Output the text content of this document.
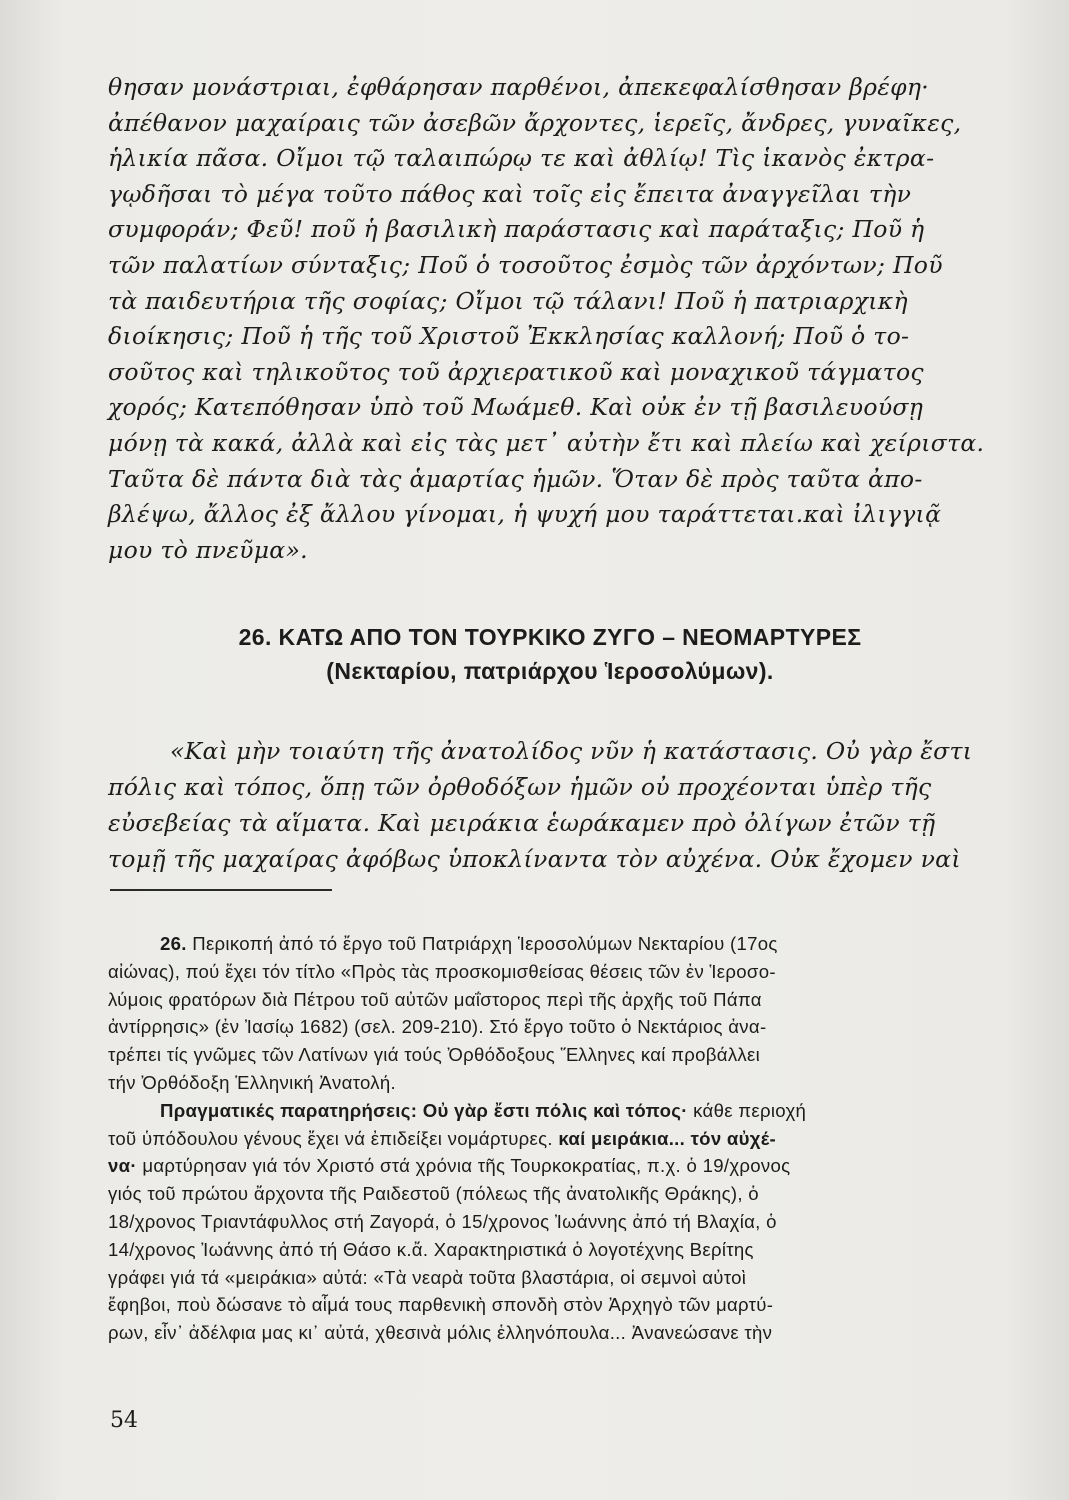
θησαν μονάστριαι, ἐφθάρησαν παρθένοι, ἀπεκεφαλίσθησαν βρέφη·
ἀπέθανον μαχαίραις τῶν ἀσεβῶν ἄρχοντες, ἱερεῖς, ἄνδρες, γυναῖκες,
ἡλικία πᾶσα. Οἴμοι τῷ ταλαιπώρῳ τε καὶ ἀθλίῳ! Τὶς ἱκανὸς ἐκτρα-
γῳδῆσαι τὸ μέγα τοῦτο πάθος καὶ τοῖς εἰς ἔπειτα ἀναγγεῖλαι τὴν
συμφοράν; Φεῦ! ποῦ ἡ βασιλικὴ παράστασις καὶ παράταξις; Ποῦ ἡ
τῶν παλατίων σύνταξις; Ποῦ ὁ τοσοῦτος ἐσμὸς τῶν ἀρχόντων; Ποῦ
τὰ παιδευτήρια τῆς σοφίας; Οἴμοι τῷ τάλανι! Ποῦ ἡ πατριαρχικὴ
διοίκησις; Ποῦ ἡ τῆς τοῦ Χριστοῦ Ἐκκλησίας καλλονή; Ποῦ ὁ το-
σοῦτος καὶ τηλικοῦτος τοῦ ἀρχιερατικοῦ καὶ μοναχικοῦ τάγματος
χορός; Κατεπόθησαν ὑπὸ τοῦ Μωάμεθ. Καὶ οὐκ ἐν τῇ βασιλευούσῃ
μόνῃ τὰ κακά, ἀλλὰ καὶ εἰς τὰς μετ᾽ αὐτὴν ἔτι καὶ πλείω καὶ χείριστα.
Ταῦτα δὲ πάντα διὰ τὰς ἁμαρτίας ἡμῶν. Ὅταν δὲ πρὸς ταῦτα ἀπο-
βλέψω, ἄλλος ἐξ ἄλλου γίνομαι, ἡ ψυχή μου ταράττεται.καὶ ἰλιγγιᾷ
μου τὸ πνεῦμα».
26. ΚΑΤΩ ΑΠΟ ΤΟΝ ΤΟΥΡΚΙΚΟ ΖΥΓΟ – ΝΕΟΜΑΡΤΥΡΕΣ
(Νεκταρίου, πατριάρχου Ἱεροσολύμων).
«Καὶ μὴν τοιαύτη τῆς ἀνατολίδος νῦν ἡ κατάστασις. Οὐ γὰρ ἔστι
πόλις καὶ τόπος, ὅπῃ τῶν ὀρθοδόξων ἡμῶν οὐ προχέονται ὑπὲρ τῆς
εὐσεβείας τὰ αἵματα. Καὶ μειράκια ἑωράκαμεν πρὸ ὀλίγων ἐτῶν τῇ
τομῇ τῆς μαχαίρας ἀφόβως ὑποκλίναντα τὸν αὐχένα. Οὐκ ἔχομεν ναὶ
26. Περικοπή ἀπό τό ἔργο τοῦ Πατριάρχη Ἱεροσολύμων Νεκταρίου (17ος
αἰώνας), πού ἔχει τόν τίτλο «Πρὸς τὰς προσκομισθείσας θέσεις τῶν ἐν Ἱεροσο-
λύμοις φρατόρων διὰ Πέτρου τοῦ αὐτῶν μαΐστορος περὶ τῆς ἀρχῆς τοῦ Πάπα
ἀντίρρησις» (ἐν Ἰασίῳ 1682) (σελ. 209-210). Στό ἔργο τοῦτο ὁ Νεκτάριος ἀνα-
τρέπει τίς γνῶμες τῶν Λατίνων γιά τούς Ὀρθόδοξους Ἕλληνες καί προβάλλει
τήν Ὀρθόδοξη Ἑλληνική Ἀνατολή.
Πραγματικές παρατηρήσεις: Οὐ γὰρ ἔστι πόλις καὶ τόπος· κάθε περιοχή
τοῦ ὑπόδουλου γένους ἔχει νά ἐπιδείξει νομάρτυρες. καί μειράκια... τόν αὐχέ-
να· μαρτύρησαν γιά τόν Χριστό στά χρόνια τῆς Τουρκοκρατίας, π.χ. ὁ 19/χρονος
γιός τοῦ πρώτου ἄρχοντα τῆς Ραιδεστοῦ (πόλεως τῆς ἀνατολικῆς Θράκης), ὁ
18/χρονος Τριαντάφυλλος στή Ζαγορά, ὁ 15/χρονος Ἰωάννης ἀπό τή Βλαχία, ὁ
14/χρονος Ἰωάννης ἀπό τή Θάσο κ.ἄ. Χαρακτηριστικά ὁ λογοτέχνης Βερίτης
γράφει γιά τά «μειράκια» αὐτά: «Τὰ νεαρὰ τοῦτα βλαστάρια, οἱ σεμνοὶ αὐτοὶ
ἔφηβοι, ποὺ δώσανε τὸ αἷμά τους παρθενικὴ σπονδὴ στὸν Ἀρχηγὸ τῶν μαρτύ-
ρων, εἶν᾽ ἀδέλφια μας κι᾽ αὐτά, χθεσινὰ μόλις ἑλληνόπουλα... Ἀνανεώσανε τὴν
54
